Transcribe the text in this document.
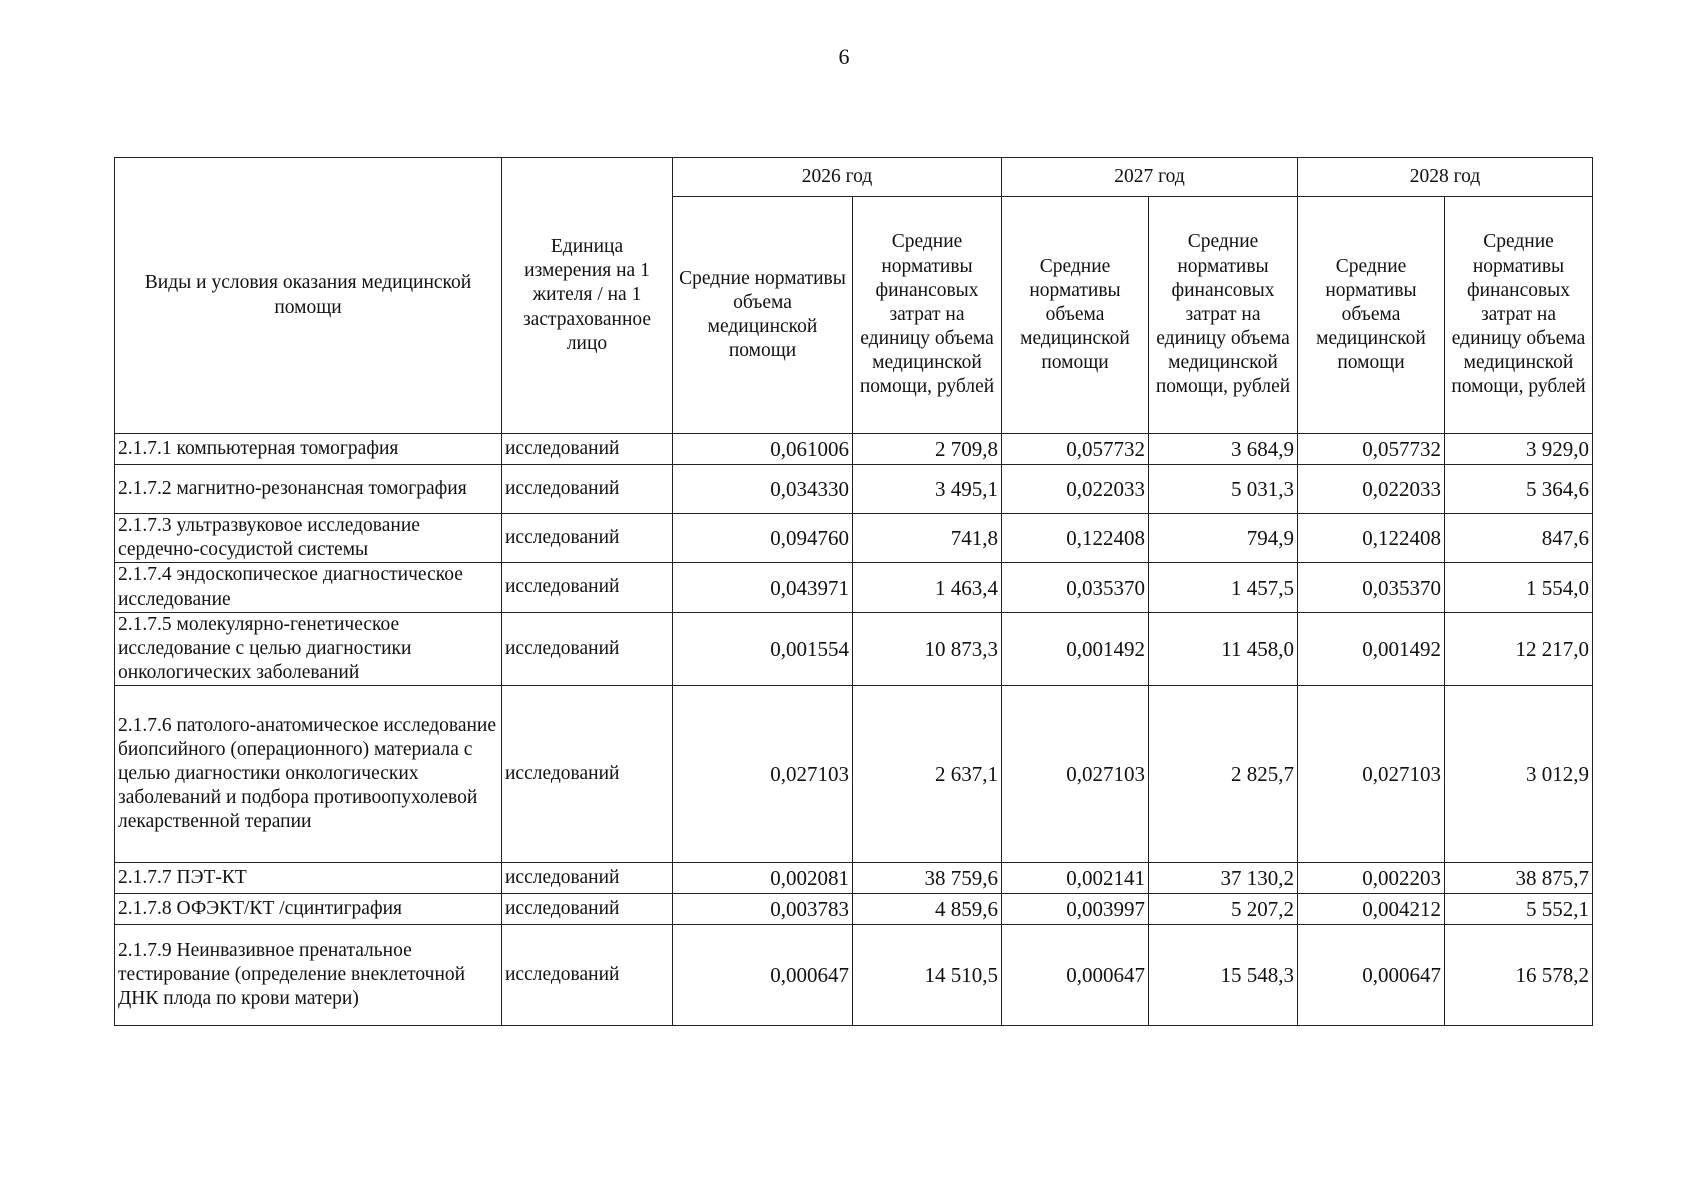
6
Виды и условия оказания медицинской помощи	Единица измерения на 1 жителя / на 1 застрахованное лицо	2026 год		2027 год		2028 год	
		Средние нормативы объема медицинской помощи	Средние нормативы финансовых затрат на единицу объема медицинской помощи, рублей	Средние нормативы объема медицинской помощи	Средние нормативы финансовых затрат на единицу объема медицинской помощи, рублей	Средние нормативы объема медицинской помощи	Средние нормативы финансовых затрат на единицу объема медицинской помощи, рублей
2.1.7.1 компьютерная томография	исследований	0,061006	2 709,8	0,057732	3 684,9	0,057732	3 929,0
2.1.7.2 магнитно-резонансная томография	исследований	0,034330	3 495,1	0,022033	5 031,3	0,022033	5 364,6
2.1.7.3 ультразвуковое исследование сердечно-сосудистой системы	исследований	0,094760	741,8	0,122408	794,9	0,122408	847,6
2.1.7.4 эндоскопическое диагностическое исследование	исследований	0,043971	1 463,4	0,035370	1 457,5	0,035370	1 554,0
2.1.7.5 молекулярно-генетическое исследование с целью диагностики онкологических заболеваний	исследований	0,001554	10 873,3	0,001492	11 458,0	0,001492	12 217,0
2.1.7.6 патолого-анатомическое исследование биопсийного (операционного) материала с целью диагностики онкологических заболеваний и подбора противоопухолевой лекарственной терапии	исследований	0,027103	2 637,1	0,027103	2 825,7	0,027103	3 012,9
2.1.7.7 ПЭТ-КТ	исследований	0,002081	38 759,6	0,002141	37 130,2	0,002203	38 875,7
2.1.7.8 ОФЭКТ/КТ /сцинтиграфия	исследований	0,003783	4 859,6	0,003997	5 207,2	0,004212	5 552,1
2.1.7.9 Неинвазивное пренатальное тестирование (определение внеклеточной ДНК плода по крови матери)	исследований	0,000647	14 510,5	0,000647	15 548,3	0,000647	16 578,2
